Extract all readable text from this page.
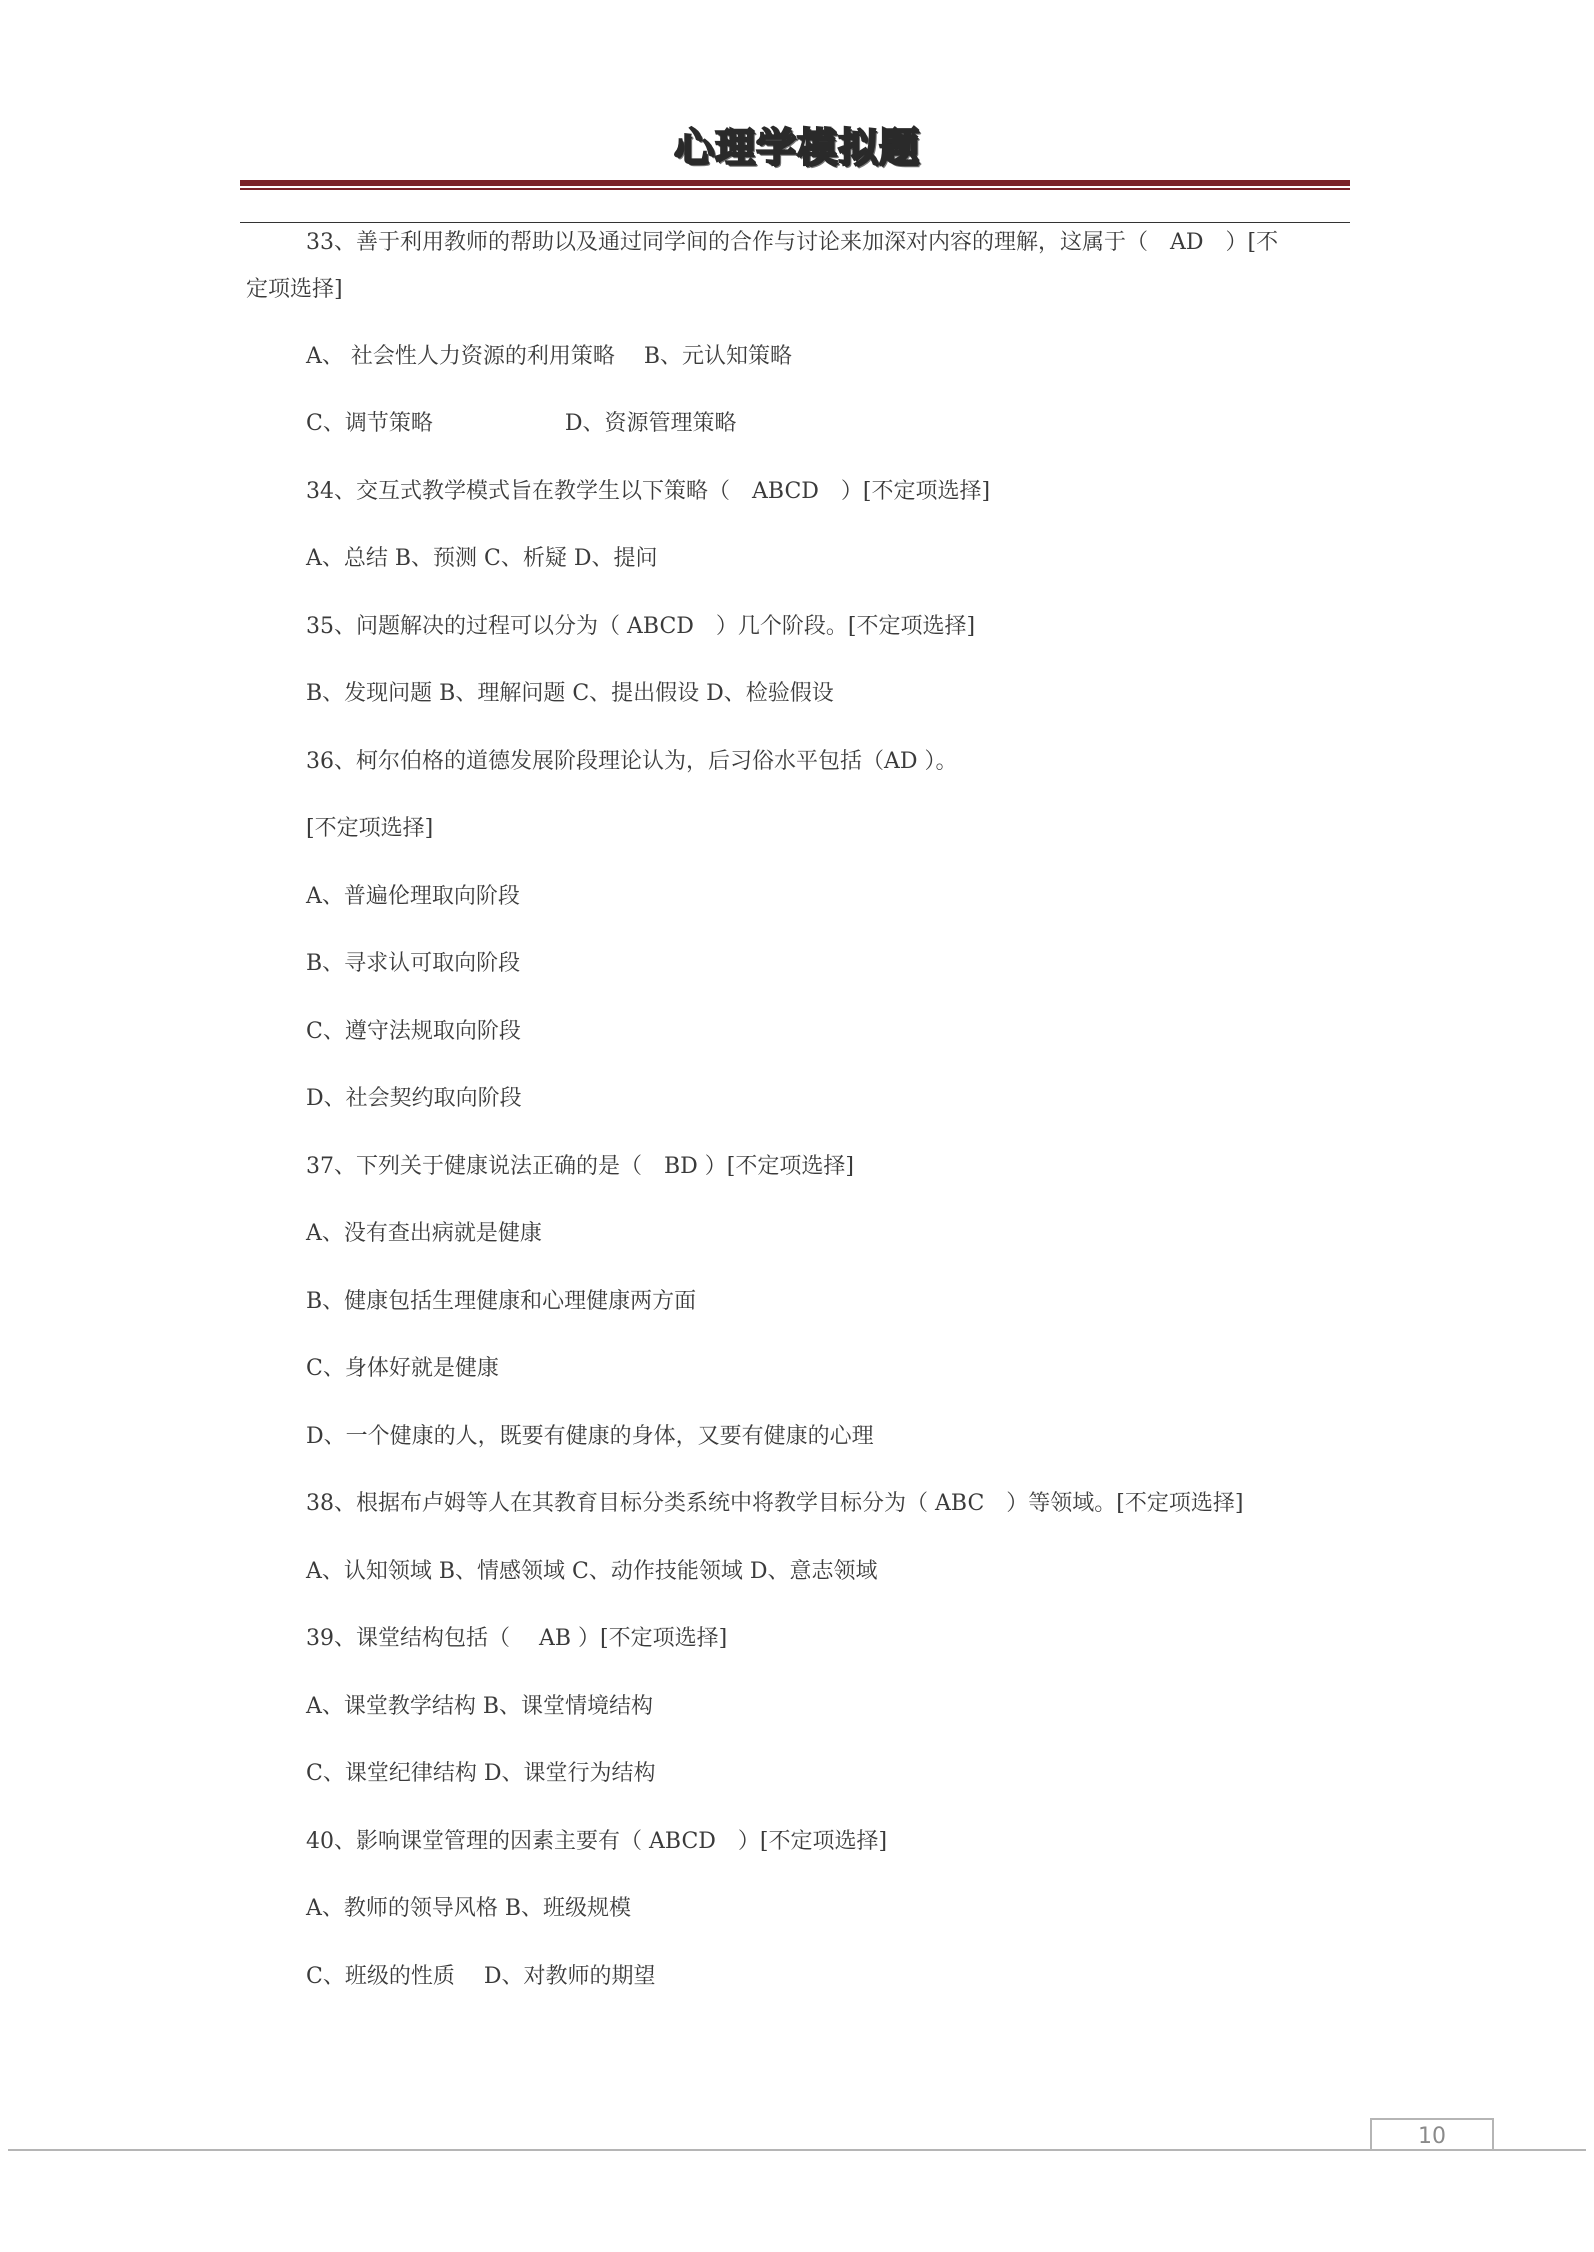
心理学模拟题

33、善于利用教师的帮助以及通过同学间的合作与讨论来加深对内容的理解，这属于（　AD　）[不

定项选择]

A、 社会性人力资源的利用策略　 B、元认知策略

C、调节策略　　　　　　D、资源管理策略

34、交互式教学模式旨在教学生以下策略（　ABCD　）[不定项选择]

A、总结 B、预测 C、析疑 D、提问

35、问题解决的过程可以分为（ ABCD　）几个阶段。[不定项选择]

B、发现问题 B、理解问题 C、提出假设 D、检验假设

36、柯尔伯格的道德发展阶段理论认为，后习俗水平包括（AD ）。

[不定项选择]

A、普遍伦理取向阶段

B、寻求认可取向阶段

C、遵守法规取向阶段

D、社会契约取向阶段

37、下列关于健康说法正确的是（　BD ）[不定项选择]

A、没有查出病就是健康

B、健康包括生理健康和心理健康两方面

C、身体好就是健康

D、一个健康的人，既要有健康的身体，又要有健康的心理

38、根据布卢姆等人在其教育目标分类系统中将教学目标分为（ ABC　）等领域。[不定项选择]

A、认知领域 B、情感领域 C、动作技能领域 D、意志领域

39、课堂结构包括（　 AB ）[不定项选择]

A、课堂教学结构 B、课堂情境结构

C、课堂纪律结构 D、课堂行为结构

40、影响课堂管理的因素主要有（ ABCD　）[不定项选择]

A、教师的领导风格 B、班级规模

C、班级的性质　 D、对教师的期望

10
